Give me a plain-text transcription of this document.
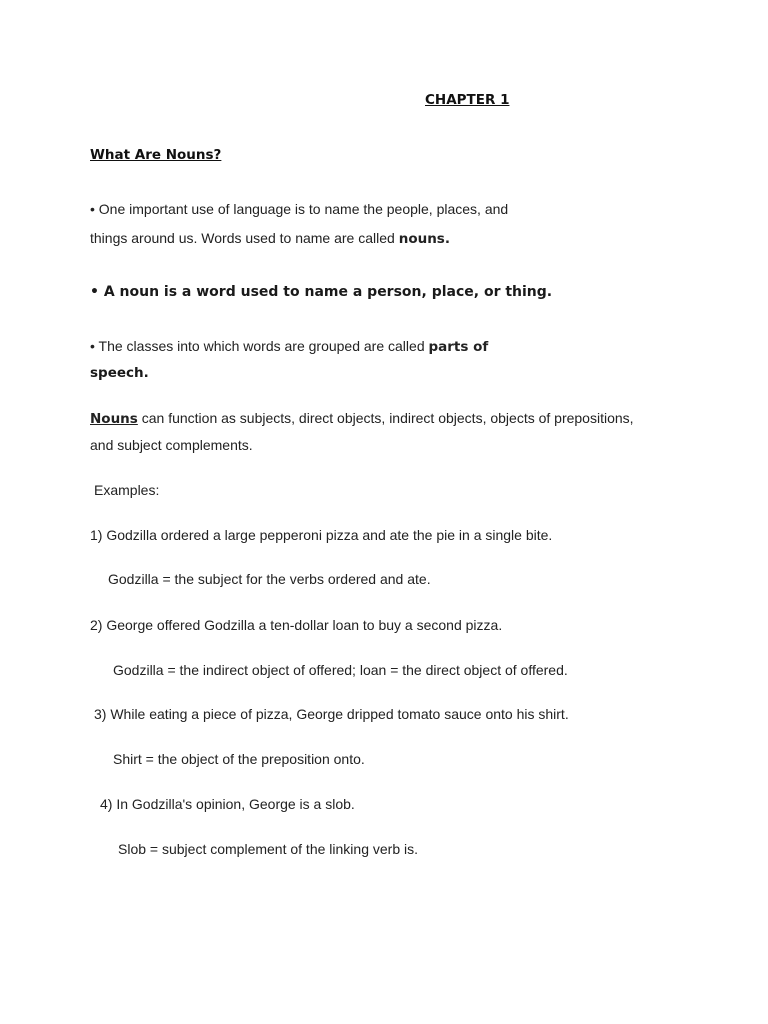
CHAPTER 1
What Are Nouns?
• One important use of language is to name the people, places, and
things around us. Words used to name are called nouns.
• A noun is a word used to name a person, place, or thing.
• The classes into which words are grouped are called parts of
speech.
Nouns can function as subjects, direct objects, indirect objects, objects of prepositions,
and subject complements.
Examples:
1) Godzilla ordered a large pepperoni pizza and ate the pie in a single bite.
Godzilla = the subject for the verbs ordered and ate.
2) George offered Godzilla a ten-dollar loan to buy a second pizza.
Godzilla = the indirect object of offered; loan = the direct object of offered.
3) While eating a piece of pizza, George dripped tomato sauce onto his shirt.
Shirt = the object of the preposition onto.
4) In Godzilla's opinion, George is a slob.
Slob = subject complement of the linking verb is.
